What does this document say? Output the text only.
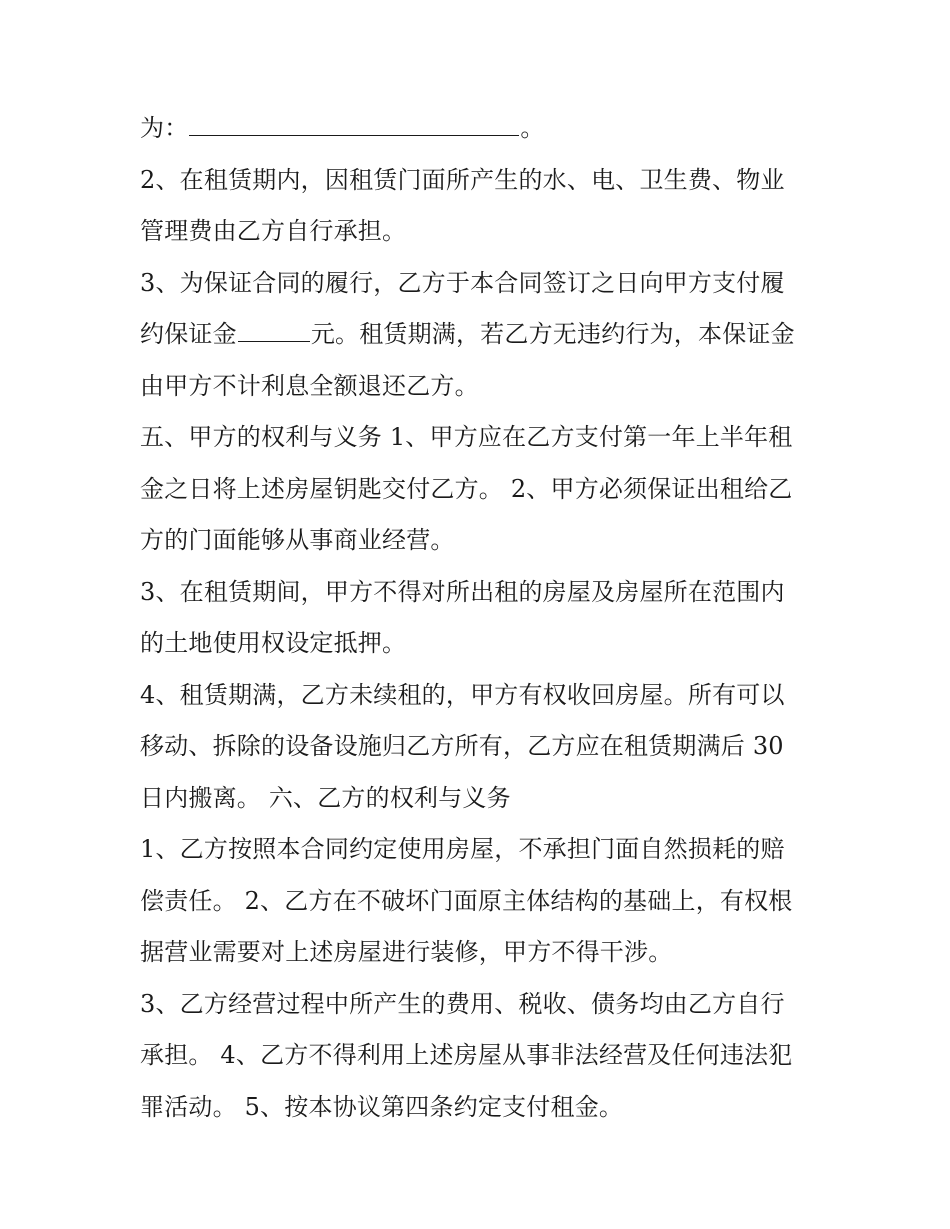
为：	。

2、在租赁期内，因租赁门面所产生的水、电、卫生费、物业

管理费由乙方自行承担。

3、为保证合同的履行，乙方于本合同签订之日向甲方支付履

约保证金	元。租赁期满，若乙方无违约行为，本保证金

由甲方不计利息全额退还乙方。

五、甲方的权利与义务 1、甲方应在乙方支付第一年上半年租

金之日将上述房屋钥匙交付乙方。 2、甲方必须保证出租给乙

方的门面能够从事商业经营。

3、在租赁期间，甲方不得对所出租的房屋及房屋所在范围内

的土地使用权设定抵押。

4、租赁期满，乙方未续租的，甲方有权收回房屋。所有可以

移动、拆除的设备设施归乙方所有，乙方应在租赁期满后 30

日内搬离。 六、乙方的权利与义务

1、乙方按照本合同约定使用房屋，不承担门面自然损耗的赔

偿责任。 2、乙方在不破坏门面原主体结构的基础上，有权根

据营业需要对上述房屋进行装修，甲方不得干涉。

3、乙方经营过程中所产生的费用、税收、债务均由乙方自行

承担。 4、乙方不得利用上述房屋从事非法经营及任何违法犯

罪活动。 5、按本协议第四条约定支付租金。
